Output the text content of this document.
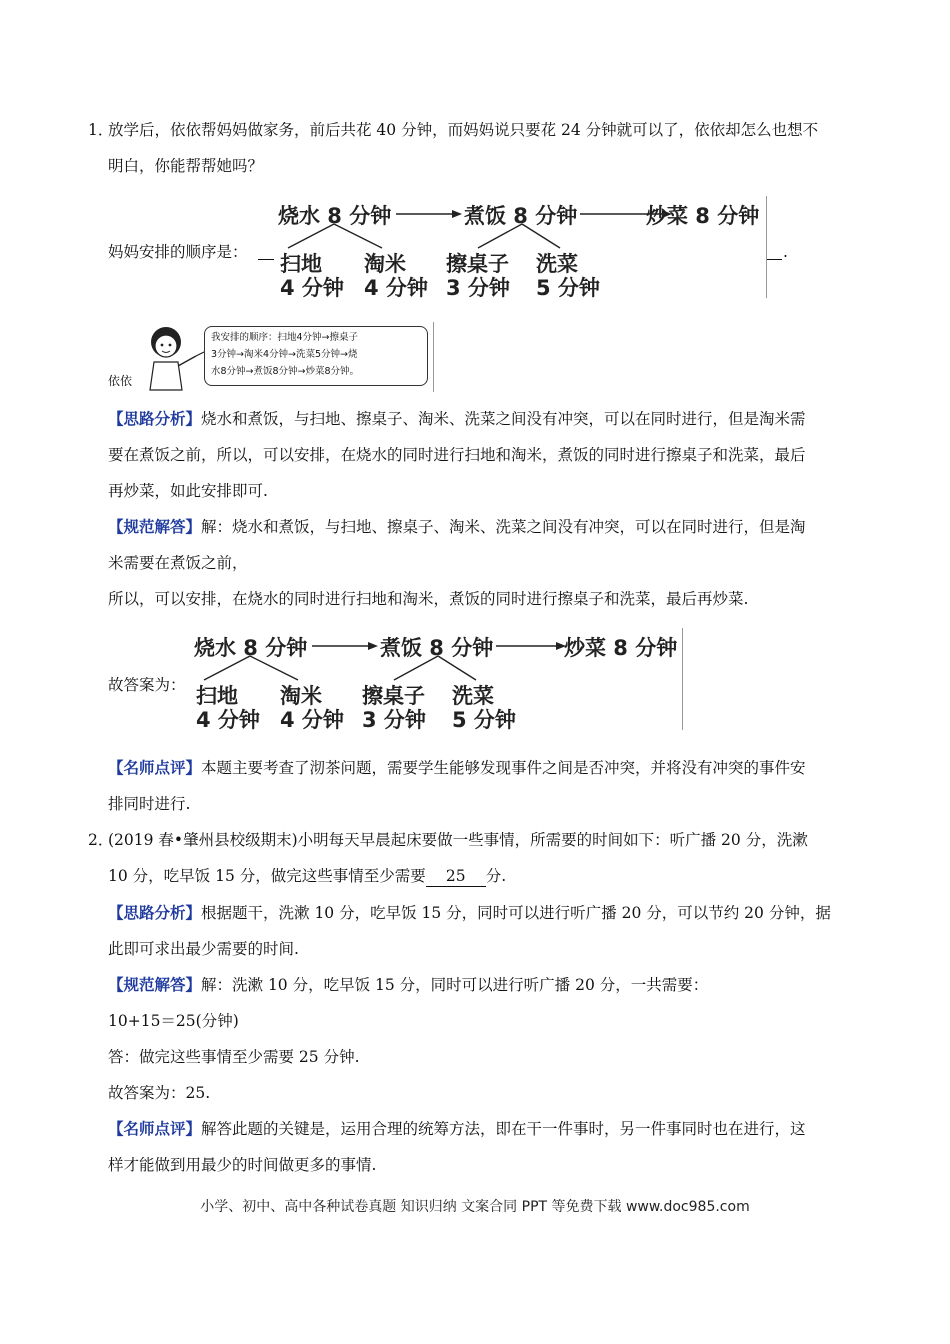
1．
放学后，依依帮妈妈做家务，前后共花 40 分钟，而妈妈说只要花 24 分钟就可以了，依依却怎么也想不
明白，你能帮帮她吗？
妈妈安排的顺序是：	.
烧水 8 分钟	煮饭 8 分钟	炒菜 8 分钟
扫地
4 分钟
淘米
4 分钟
擦桌子
3 分钟
洗菜
5 分钟
依依
我安排的顺序：扫地4分钟→擦桌子
3分钟→淘米4分钟→洗菜5分钟→烧
水8分钟→煮饭8分钟→炒菜8分钟。
【思路分析】烧水和煮饭，与扫地、擦桌子、淘米、洗菜之间没有冲突，可以在同时进行，但是淘米需
要在煮饭之前，所以，可以安排，在烧水的同时进行扫地和淘米，煮饭的同时进行擦桌子和洗菜，最后
再炒菜，如此安排即可.
【规范解答】解：烧水和煮饭，与扫地、擦桌子、淘米、洗菜之间没有冲突，可以在同时进行，但是淘
米需要在煮饭之前，
所以，可以安排，在烧水的同时进行扫地和淘米，煮饭的同时进行擦桌子和洗菜，最后再炒菜.
故答案为：
烧水 8 分钟	煮饭 8 分钟	炒菜 8 分钟
扫地
4 分钟
淘米
4 分钟
擦桌子
3 分钟
洗菜
5 分钟
【名师点评】本题主要考查了沏茶问题，需要学生能够发现事件之间是否冲突，并将没有冲突的事件安
排同时进行.
2．
(2019 春•肇州县校级期末)小明每天早晨起床要做一些事情，所需要的时间如下：听广播 20 分，洗漱
10 分，吃早饭 15 分，做完这些事情至少需要 25 分.
【思路分析】根据题干，洗漱 10 分，吃早饭 15 分，同时可以进行听广播 20 分，可以节约 20 分钟，据
此即可求出最少需要的时间.
【规范解答】解：洗漱 10 分，吃早饭 15 分，同时可以进行听广播 20 分，一共需要：
10+15＝25(分钟)
答：做完这些事情至少需要 25 分钟.
故答案为：25.
【名师点评】解答此题的关键是，运用合理的统筹方法，即在干一件事时，另一件事同时也在进行，这
样才能做到用最少的时间做更多的事情.
小学、初中、高中各种试卷真题 知识归纳 文案合同 PPT 等免费下载 www.doc985.com
